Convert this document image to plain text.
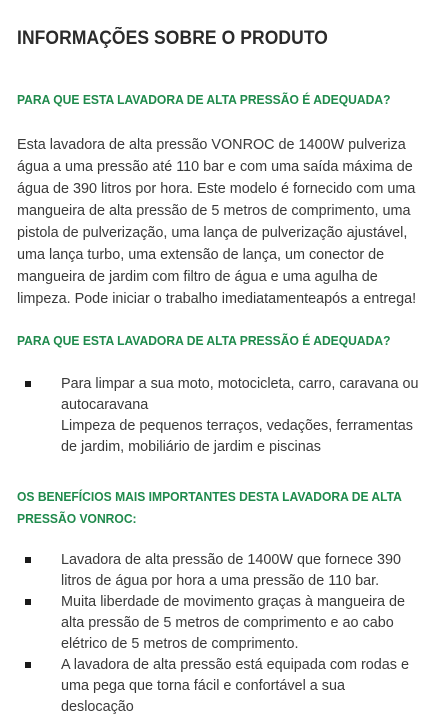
INFORMAÇÕES SOBRE O PRODUTO
PARA QUE ESTA LAVADORA DE ALTA PRESSÃO É ADEQUADA?

Esta lavadora de alta pressão VONROC de 1400W pulveriza água a uma pressão até 110 bar e com uma saída máxima de água de 390 litros por hora. Este modelo é fornecido com uma mangueira de alta pressão de 5 metros de comprimento, uma pistola de pulverização, uma lança de pulverização ajustável, uma lança turbo, uma extensão de lança, um conector de mangueira de jardim com filtro de água e uma agulha de limpeza. Pode iniciar o trabalho imediatamenteapós a entrega!

PARA QUE ESTA LAVADORA DE ALTA PRESSÃO É ADEQUADA?
Para limpar a sua moto, motocicleta, carro, caravana ou autocaravana
Limpeza de pequenos terraços, vedações, ferramentas de jardim, mobiliário de jardim e piscinas
OS BENEFÍCIOS MAIS IMPORTANTES DESTA LAVADORA DE ALTA PRESSÃO VONROC:
Lavadora de alta pressão de 1400W que fornece 390 litros de água por hora a uma pressão de 110 bar.
Muita liberdade de movimento graças à mangueira de alta pressão de 5 metros de comprimento e ao cabo elétrico de 5 metros de comprimento.
A lavadora de alta pressão está equipada com rodas e uma pega que torna fácil e confortável a sua deslocação
